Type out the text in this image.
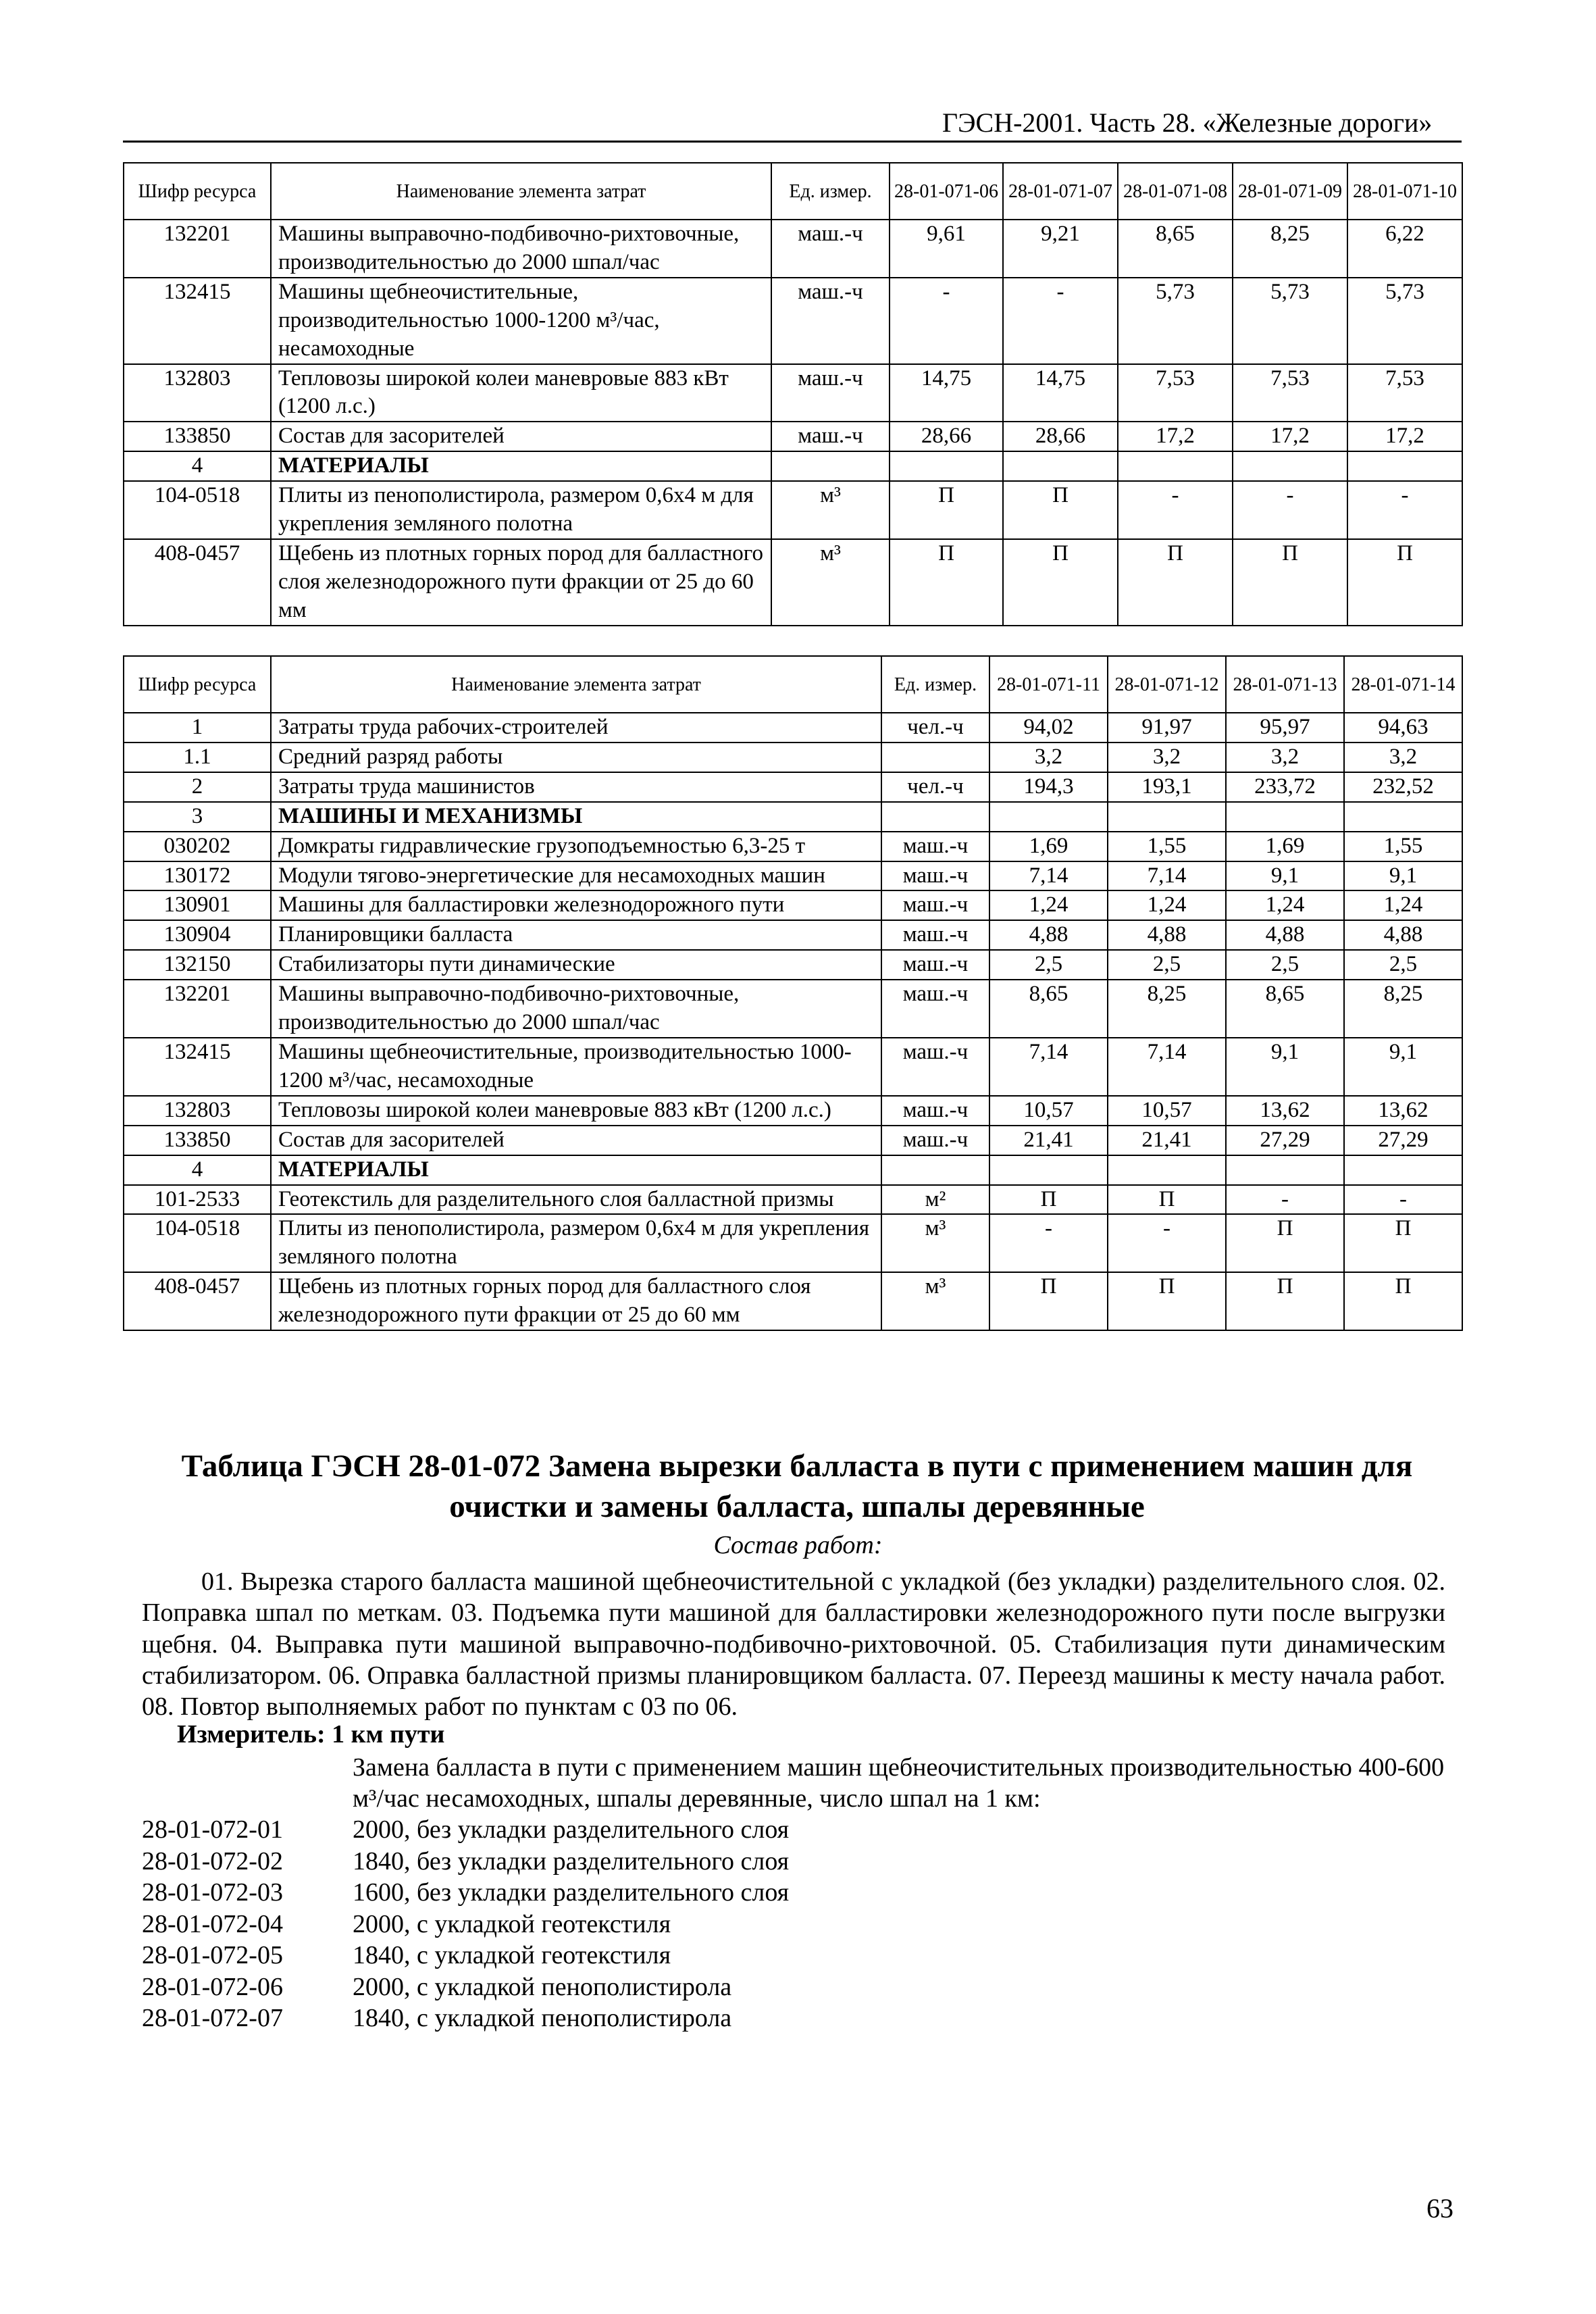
ГЭСН-2001. Часть 28. «Железные дороги»
Шифр ресурса	Наименование элемента затрат	Ед. измер.	28-01-071-06	28-01-071-07	28-01-071-08	28-01-071-09	28-01-071-10
132201	Машины выправочно-подбивочно-рихтовочные, производительностью до 2000 шпал/час	маш.-ч	9,61	9,21	8,65	8,25	6,22
132415	Машины щебнеочистительные, производительностью 1000-1200 м³/час, несамоходные	маш.-ч	-	-	5,73	5,73	5,73
132803	Тепловозы широкой колеи маневровые 883 кВт (1200 л.с.)	маш.-ч	14,75	14,75	7,53	7,53	7,53
133850	Состав для засорителей	маш.-ч	28,66	28,66	17,2	17,2	17,2
4	МАТЕРИАЛЫ						
104-0518	Плиты из пенополистирола, размером 0,6х4 м для укрепления земляного полотна	м³	П	П	-	-	-
408-0457	Щебень из плотных горных пород для балластного слоя железнодорожного пути фракции от 25 до 60 мм	м³	П	П	П	П	П
Шифр ресурса	Наименование элемента затрат	Ед. измер.	28-01-071-11	28-01-071-12	28-01-071-13	28-01-071-14
1	Затраты труда рабочих-строителей	чел.-ч	94,02	91,97	95,97	94,63
1.1	Средний разряд работы		3,2	3,2	3,2	3,2
2	Затраты труда машинистов	чел.-ч	194,3	193,1	233,72	232,52
3	МАШИНЫ И МЕХАНИЗМЫ					
030202	Домкраты гидравлические грузоподъемностью 6,3-25 т	маш.-ч	1,69	1,55	1,69	1,55
130172	Модули тягово-энергетические для несамоходных машин	маш.-ч	7,14	7,14	9,1	9,1
130901	Машины для балластировки железнодорожного пути	маш.-ч	1,24	1,24	1,24	1,24
130904	Планировщики балласта	маш.-ч	4,88	4,88	4,88	4,88
132150	Стабилизаторы пути динамические	маш.-ч	2,5	2,5	2,5	2,5
132201	Машины выправочно-подбивочно-рихтовочные, производительностью до 2000 шпал/час	маш.-ч	8,65	8,25	8,65	8,25
132415	Машины щебнеочистительные, производительностью 1000-1200 м³/час, несамоходные	маш.-ч	7,14	7,14	9,1	9,1
132803	Тепловозы широкой колеи маневровые 883 кВт (1200 л.с.)	маш.-ч	10,57	10,57	13,62	13,62
133850	Состав для засорителей	маш.-ч	21,41	21,41	27,29	27,29
4	МАТЕРИАЛЫ					
101-2533	Геотекстиль для разделительного слоя балластной призмы	м²	П	П	-	-
104-0518	Плиты из пенополистирола, размером 0,6х4 м для укрепления земляного полотна	м³	-	-	П	П
408-0457	Щебень из плотных горных пород для балластного слоя железнодорожного пути фракции от 25 до 60 мм	м³	П	П	П	П
Таблица ГЭСН 28-01-072 Замена вырезки балласта в пути с применением машин для очистки и замены балласта, шпалы деревянные
Состав работ:

01. Вырезка старого балласта машиной щебнеочистительной с укладкой (без укладки) разделительного слоя. 02. Поправка шпал по меткам. 03. Подъемка пути машиной для балластировки железнодорожного пути после выгрузки щебня. 04. Выправка пути машиной выправочно-подбивочно-рихтовочной. 05. Стабилизация пути динамическим стабилизатором. 06. Оправка балластной призмы планировщиком балласта. 07. Переезд машины к месту начала работ. 08. Повтор выполняемых работ по пунктам с 03 по 06.

Измеритель: 1 км пути

Замена балласта в пути с применением машин щебнеочистительных производительностью 400-600 м³/час несамоходных, шпалы деревянные, число шпал на 1 км:

28-01-072-01	2000, без укладки разделительного слоя
28-01-072-02	1840, без укладки разделительного слоя
28-01-072-03	1600, без укладки разделительного слоя
28-01-072-04	2000, с укладкой геотекстиля
28-01-072-05	1840, с укладкой геотекстиля
28-01-072-06	2000, с укладкой пенополистирола
28-01-072-07	1840, с укладкой пенополистирола
63
